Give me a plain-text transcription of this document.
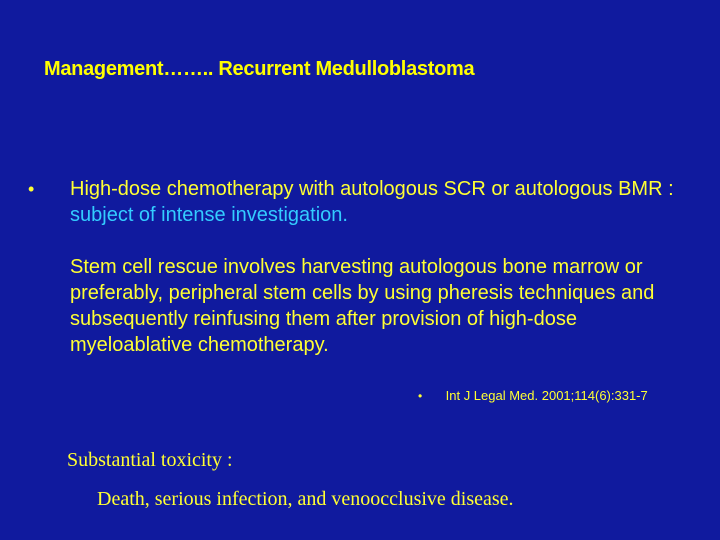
Management…….. Recurrent Medulloblastoma
•	High-dose chemotherapy with autologous SCR or autologous BMR : subject of intense investigation.
Stem cell rescue involves harvesting autologous bone marrow or preferably, peripheral stem cells by using pheresis techniques and subsequently reinfusing them after provision of high-dose myeloablative chemotherapy.
• Int J Legal Med. 2001;114(6):331-7
Substantial toxicity :
Death, serious infection, and venoocclusive disease.
